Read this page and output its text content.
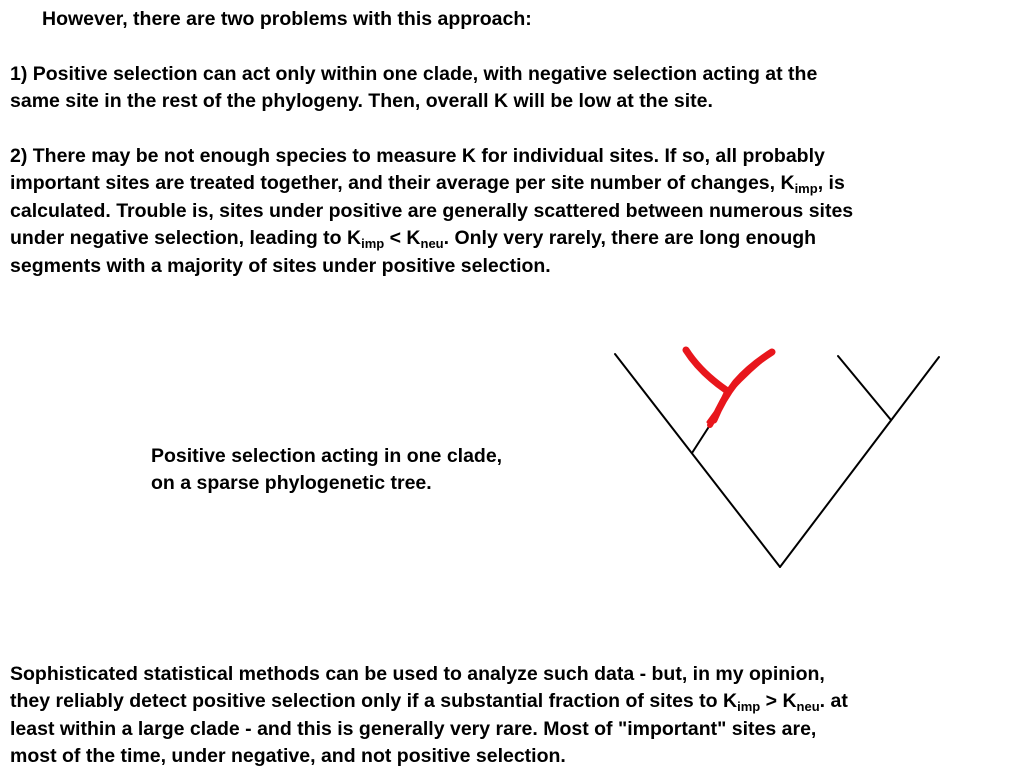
However, there are two problems with this approach:
1) Positive selection can act only within one clade, with negative selection acting at the
same site in the rest of the phylogeny. Then, overall K will be low at the site.
2) There may be not enough species to measure K for individual sites. If so, all probably
important sites are treated together, and their average per site number of changes, $K_{imp}$, is
calculated. Trouble is, sites under positive are generally scattered between numerous sites
under negative selection, leading to $K_{imp} < K_{neu}$. Only very rarely, there are long enough
segments with a majority of sites under positive selection.
Positive selection acting in one clade,
on a sparse phylogenetic tree.
Sophisticated statistical methods can be used to analyze such data - but, in my opinion,
they reliably detect positive selection only if a substantial fraction of sites to $K_{imp} > K_{neu}$. at
least within a large clade - and this is generally very rare. Most of "important" sites are,
most of the time, under negative, and not positive selection.
